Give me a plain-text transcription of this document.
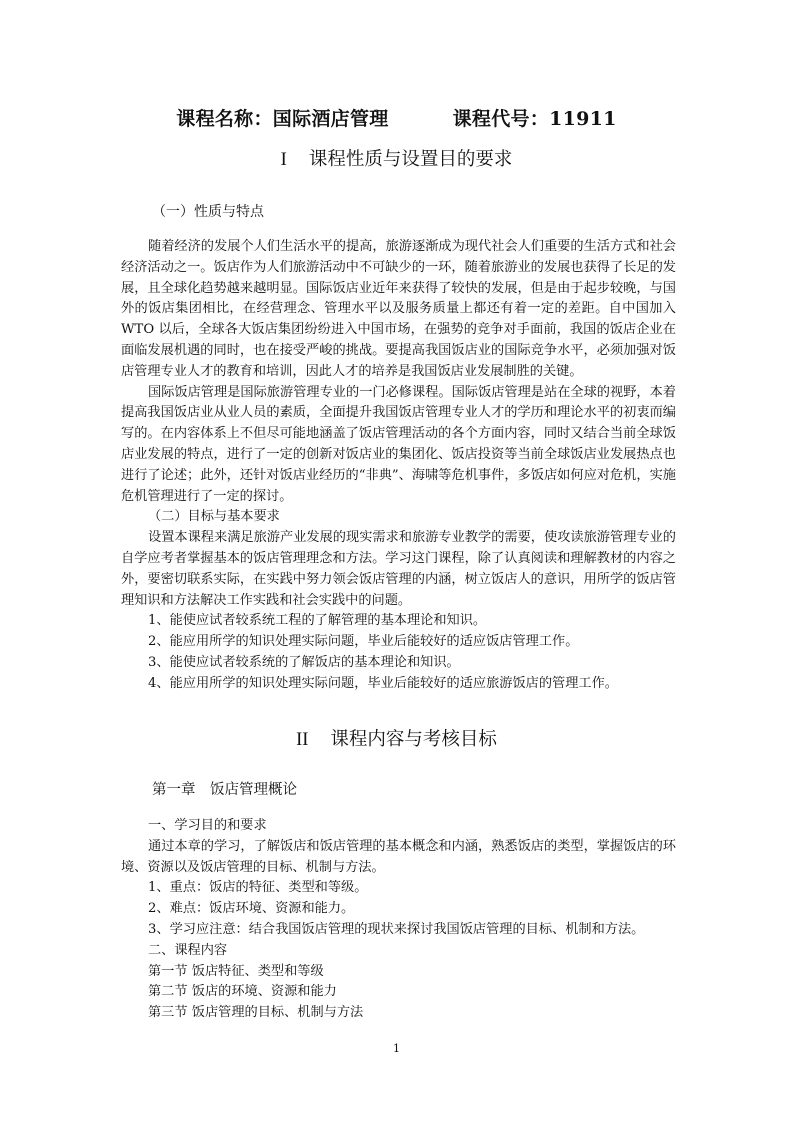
课程名称：国际酒店管理	课程代号：11911
I 课程性质与设置目的要求
（一）性质与特点
随着经济的发展个人们生活水平的提高，旅游逐渐成为现代社会人们重要的生活方式和社会经济活动之一。饭店作为人们旅游活动中不可缺少的一环，随着旅游业的发展也获得了长足的发展，且全球化趋势越来越明显。国际饭店业近年来获得了较快的发展，但是由于起步较晚，与国外的饭店集团相比，在经营理念、管理水平以及服务质量上都还有着一定的差距。自中国加入 WTO 以后，全球各大饭店集团纷纷进入中国市场，在强势的竞争对手面前，我国的饭店企业在面临发展机遇的同时，也在接受严峻的挑战。要提高我国饭店业的国际竞争水平，必须加强对饭店管理专业人才的教育和培训，因此人才的培养是我国饭店业发展制胜的关键。
国际饭店管理是国际旅游管理专业的一门必修课程。国际饭店管理是站在全球的视野，本着提高我国饭店业从业人员的素质，全面提升我国饭店管理专业人才的学历和理论水平的初衷而编写的。在内容体系上不但尽可能地涵盖了饭店管理活动的各个方面内容，同时又结合当前全球饭店业发展的特点，进行了一定的创新对饭店业的集团化、饭店投资等当前全球饭店业发展热点也进行了论述；此外，还针对饭店业经历的“非典”、海啸等危机事件，多饭店如何应对危机，实施危机管理进行了一定的探讨。
（二）目标与基本要求
设置本课程来满足旅游产业发展的现实需求和旅游专业教学的需要，使攻读旅游管理专业的自学应考者掌握基本的饭店管理理念和方法。学习这门课程，除了认真阅读和理解教材的内容之外，要密切联系实际，在实践中努力领会饭店管理的内涵，树立饭店人的意识，用所学的饭店管理知识和方法解决工作实践和社会实践中的问题。
1、能使应试者较系统工程的了解管理的基本理论和知识。
2、能应用所学的知识处理实际问题，毕业后能较好的适应饭店管理工作。
3、能使应试者较系统的了解饭店的基本理论和知识。
4、能应用所学的知识处理实际问题，毕业后能较好的适应旅游饭店的管理工作。
II 课程内容与考核目标
第一章　饭店管理概论
一、学习目的和要求
通过本章的学习，了解饭店和饭店管理的基本概念和内涵，熟悉饭店的类型，掌握饭店的环境、资源以及饭店管理的目标、机制与方法。
1、重点：饭店的特征、类型和等级。
2、难点：饭店环境、资源和能力。
3、学习应注意：结合我国饭店管理的现状来探讨我国饭店管理的目标、机制和方法。
二、课程内容
第一节 饭店特征、类型和等级
第二节 饭店的环境、资源和能力
第三节 饭店管理的目标、机制与方法
1
